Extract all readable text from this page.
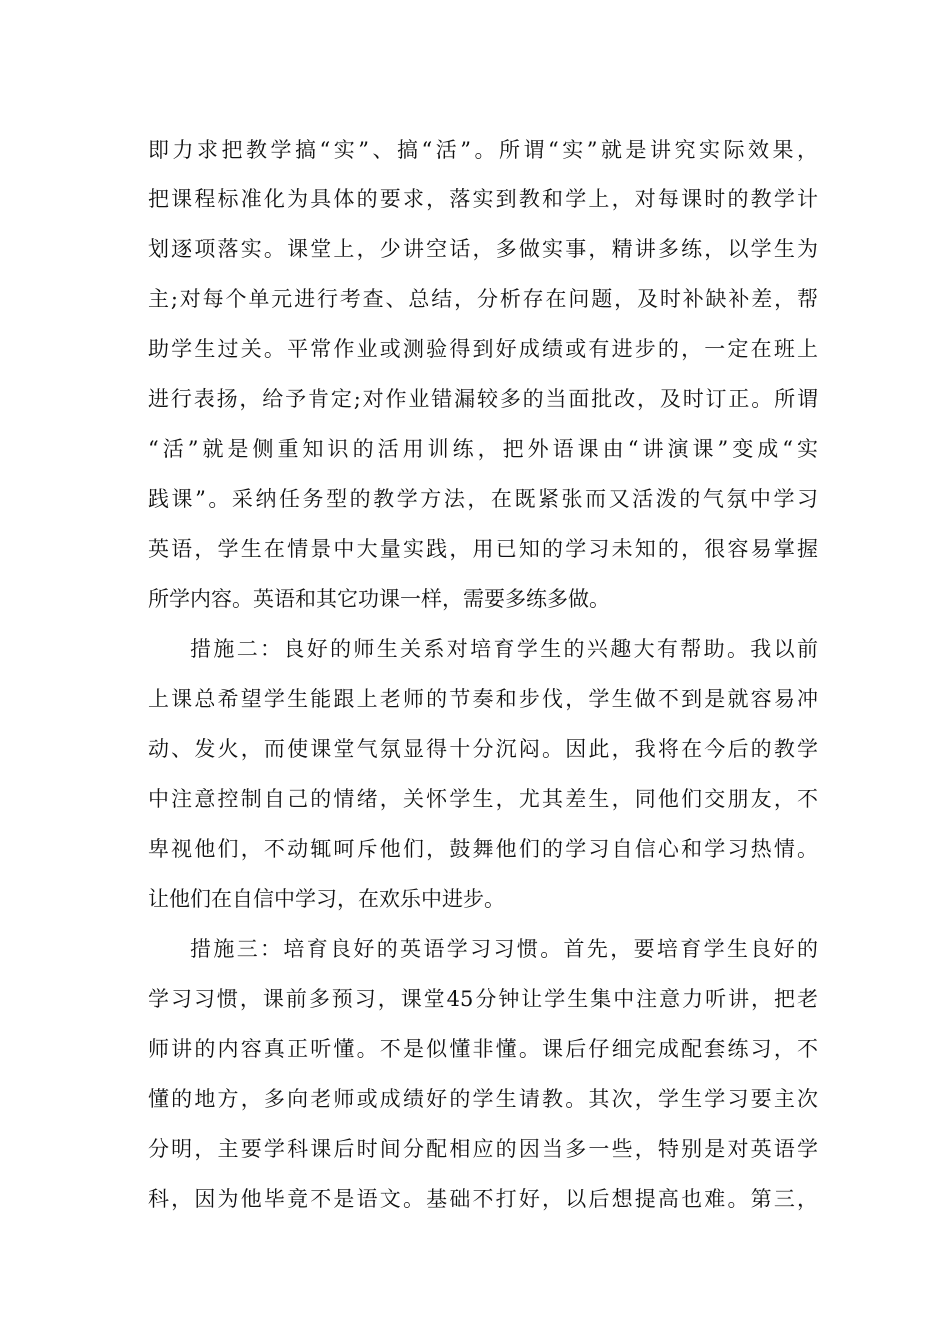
即力求把教学搞“实”、搞“活”。所谓“实”就是讲究实际效果，
把课程标准化为具体的要求，落实到教和学上，对每课时的教学计
划逐项落实。课堂上，少讲空话，多做实事，精讲多练，以学生为
主;对每个单元进行考查、总结，分析存在问题，及时补缺补差，帮
助学生过关。平常作业或测验得到好成绩或有进步的，一定在班上
进行表扬，给予肯定;对作业错漏较多的当面批改，及时订正。所谓
“活”就是侧重知识的活用训练，把外语课由“讲演课”变成“实
践课”。采纳任务型的教学方法，在既紧张而又活泼的气氛中学习
英语，学生在情景中大量实践，用已知的学习未知的，很容易掌握
所学内容。英语和其它功课一样，需要多练多做。
措施二：良好的师生关系对培育学生的兴趣大有帮助。我以前
上课总希望学生能跟上老师的节奏和步伐，学生做不到是就容易冲
动、发火，而使课堂气氛显得十分沉闷。因此，我将在今后的教学
中注意控制自己的情绪，关怀学生，尤其差生，同他们交朋友，不
卑视他们，不动辄呵斥他们，鼓舞他们的学习自信心和学习热情。
让他们在自信中学习，在欢乐中进步。
措施三：培育良好的英语学习习惯。首先，要培育学生良好的
学习习惯，课前多预习，课堂45分钟让学生集中注意力听讲，把老
师讲的内容真正听懂。不是似懂非懂。课后仔细完成配套练习，不
懂的地方，多向老师或成绩好的学生请教。其次，学生学习要主次
分明，主要学科课后时间分配相应的因当多一些，特别是对英语学
科，因为他毕竟不是语文。基础不打好，以后想提高也难。第三，
